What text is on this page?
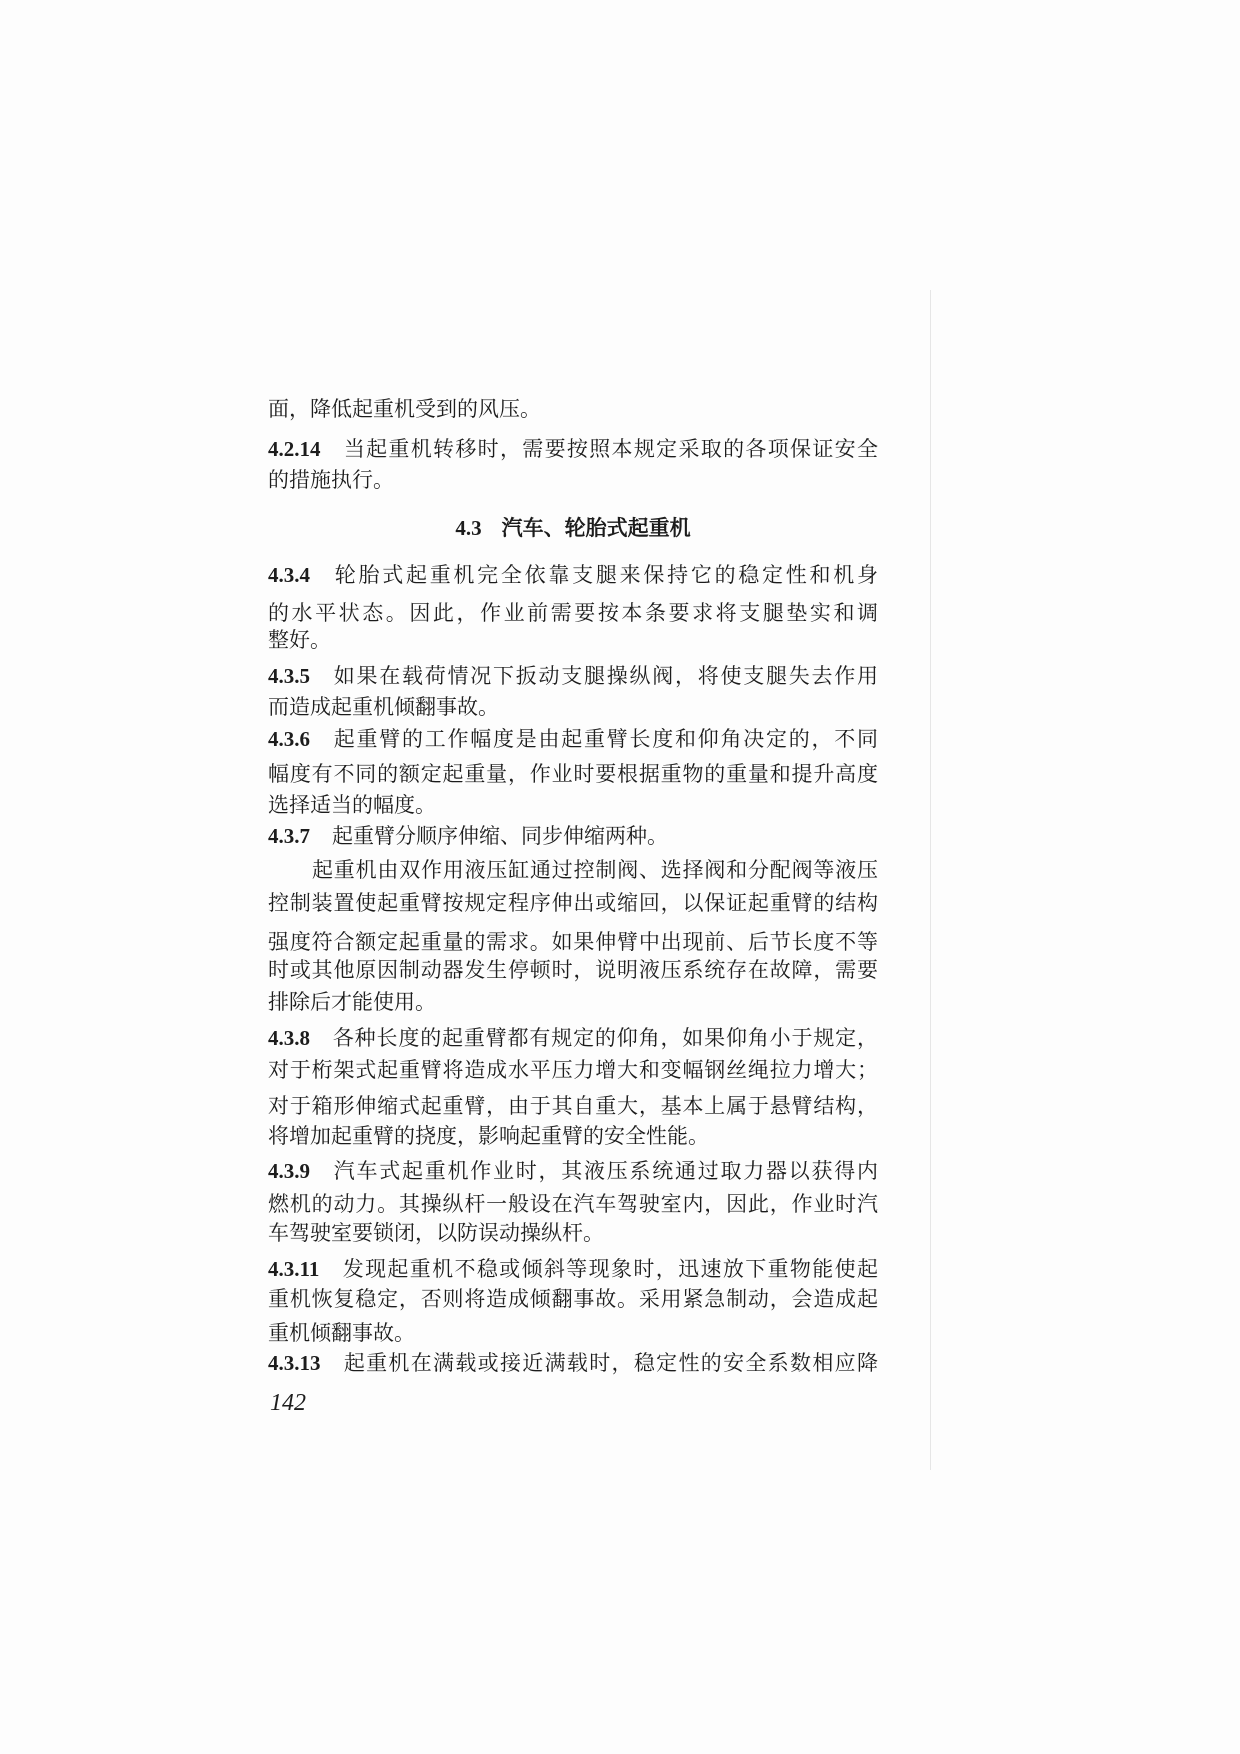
4.3 汽车、轮胎式起重机
面，降低起重机受到的风压。
4.2.14 当起重机转移时，需要按照本规定采取的各项保证安全
的措施执行。
4.3.4 轮胎式起重机完全依靠支腿来保持它的稳定性和机身
的水平状态。因此，作业前需要按本条要求将支腿垫实和调
整好。
4.3.5 如果在载荷情况下扳动支腿操纵阀，将使支腿失去作用
而造成起重机倾翻事故。
4.3.6 起重臂的工作幅度是由起重臂长度和仰角决定的，不同
幅度有不同的额定起重量，作业时要根据重物的重量和提升高度
选择适当的幅度。
4.3.7 起重臂分顺序伸缩、同步伸缩两种。
起重机由双作用液压缸通过控制阀、选择阀和分配阀等液压
控制装置使起重臂按规定程序伸出或缩回，以保证起重臂的结构
强度符合额定起重量的需求。如果伸臂中出现前、后节长度不等
时或其他原因制动器发生停顿时，说明液压系统存在故障，需要
排除后才能使用。
4.3.8 各种长度的起重臂都有规定的仰角，如果仰角小于规定，
对于桁架式起重臂将造成水平压力增大和变幅钢丝绳拉力增大；
对于箱形伸缩式起重臂，由于其自重大，基本上属于悬臂结构，
将增加起重臂的挠度，影响起重臂的安全性能。
4.3.9 汽车式起重机作业时，其液压系统通过取力器以获得内
燃机的动力。其操纵杆一般设在汽车驾驶室内，因此，作业时汽
车驾驶室要锁闭，以防误动操纵杆。
4.3.11 发现起重机不稳或倾斜等现象时，迅速放下重物能使起
重机恢复稳定，否则将造成倾翻事故。采用紧急制动，会造成起
重机倾翻事故。
4.3.13 起重机在满载或接近满载时，稳定性的安全系数相应降
142
